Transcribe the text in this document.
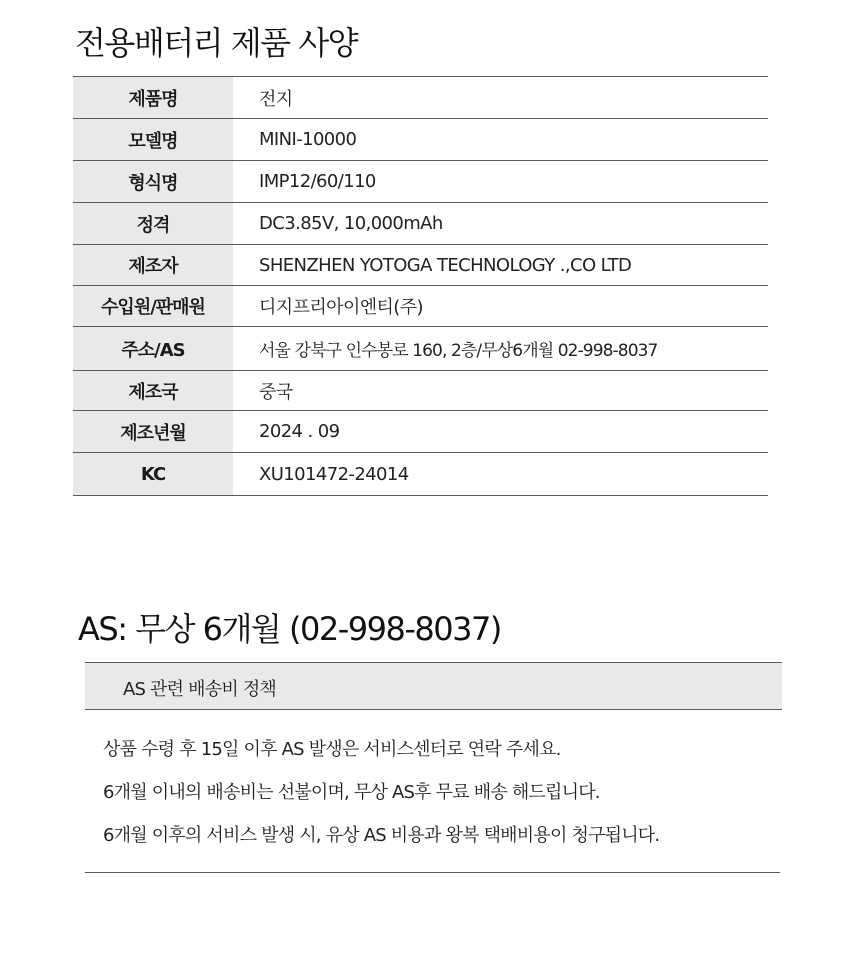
전용배터리 제품 사양
제품명	전지
모델명	MINI-10000
형식명	IMP12/60/110
정격	DC3.85V, 10,000mAh
제조자	SHENZHEN YOTOGA TECHNOLOGY .,CO LTD
수입원/판매원	디지프리아이엔티(주)
주소/AS	서울 강북구 인수봉로 160, 2층/무상6개월 02-998-8037
제조국	중국
제조년월	2024 . 09
KC	XU101472-24014
AS: 무상 6개월 (02-998-8037)
AS 관련 배송비 정책
상품 수령 후 15일 이후 AS 발생은 서비스센터로 연락 주세요.
6개월 이내의 배송비는 선불이며, 무상 AS후 무료 배송 해드립니다.
6개월 이후의 서비스 발생 시, 유상 AS 비용과 왕복 택배비용이 청구됩니다.
